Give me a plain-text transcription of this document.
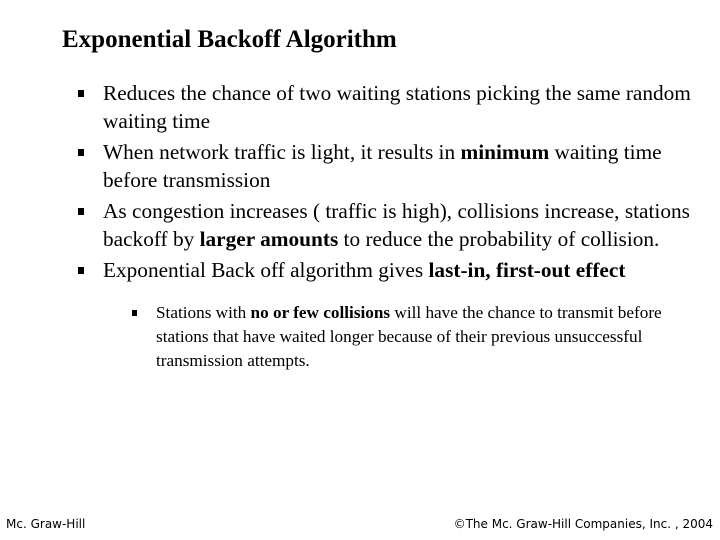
Exponential Backoff Algorithm
Reduces the chance of two waiting stations picking the same random waiting time
When network traffic is light, it results in minimum waiting time before transmission
As congestion increases ( traffic is high), collisions increase, stations backoff by larger amounts to reduce the probability of collision.
Exponential Back off algorithm gives last-in, first-out effect
Stations with no or few collisions will have the chance to transmit before stations that have waited longer because of their previous unsuccessful transmission attempts.
Mc. Graw-Hill	©The Mc. Graw-Hill Companies, Inc. , 2004
